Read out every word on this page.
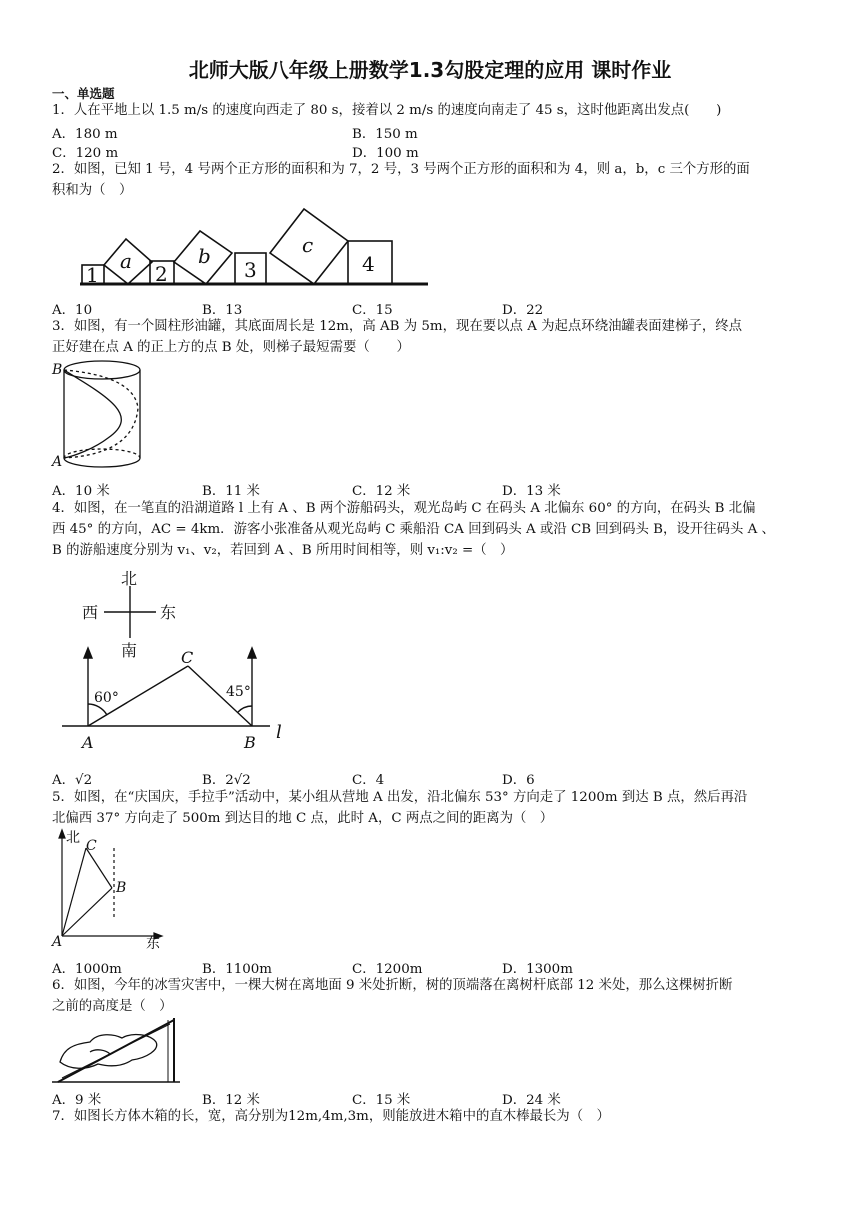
北师大版八年级上册数学1.3勾股定理的应用 课时作业
一、单选题
1．人在平地上以 1.5 m/s 的速度向西走了 80 s，接着以 2 m/s 的速度向南走了 45 s，这时他距离出发点(　　)
A．180 m	B．150 m
C．120 m	D．100 m
2．如图，已知 1 号，4 号两个正方形的面积和为 7，2 号，3 号两个正方形的面积和为 4，则 a，b，c 三个方形的面
积和为（　）
1
a
2
b
3
c
4
A．10	B．13	C．15	D．22
3．如图，有一个圆柱形油罐，其底面周长是 12m，高 AB 为 5m，现在要以点 A 为起点环绕油罐表面建梯子，终点
正好建在点 A 的正上方的点 B 处，则梯子最短需要（　　）
B
A
A．10 米	B．11 米	C．12 米	D．13 米
4．如图，在一笔直的沿湖道路 l 上有 A 、B 两个游船码头，观光岛屿 C 在码头 A 北偏东 60° 的方向，在码头 B 北偏
西 45° 的方向，AC = 4km．游客小张准备从观光岛屿 C 乘船沿 CA 回到码头 A 或沿 CB 回到码头 B，设开往码头 A 、
B 的游船速度分别为 v₁、v₂，若回到 A 、B 所用时间相等，则 v₁:v₂ =（　）
北
西	东
南	C
60°	45°
A	B l
A．√2	B．2√2	C．4	D．6
5．如图，在“庆国庆，手拉手”活动中，某小组从营地 A 出发，沿北偏东 53° 方向走了 1200m 到达 B 点，然后再沿
北偏西 37° 方向走了 500m 到达目的地 C 点，此时 A，C 两点之间的距离为（　）
北 C
B
A	东
A．1000m	B．1100m	C．1200m	D．1300m
6．如图，今年的冰雪灾害中，一棵大树在离地面 9 米处折断，树的顶端落在离树杆底部 12 米处，那么这棵树折断
之前的高度是（　）
A．9 米	B．12 米	C．15 米	D．24 米
7．如图长方体木箱的长，宽，高分别为12m,4m,3m，则能放进木箱中的直木棒最长为（　）
